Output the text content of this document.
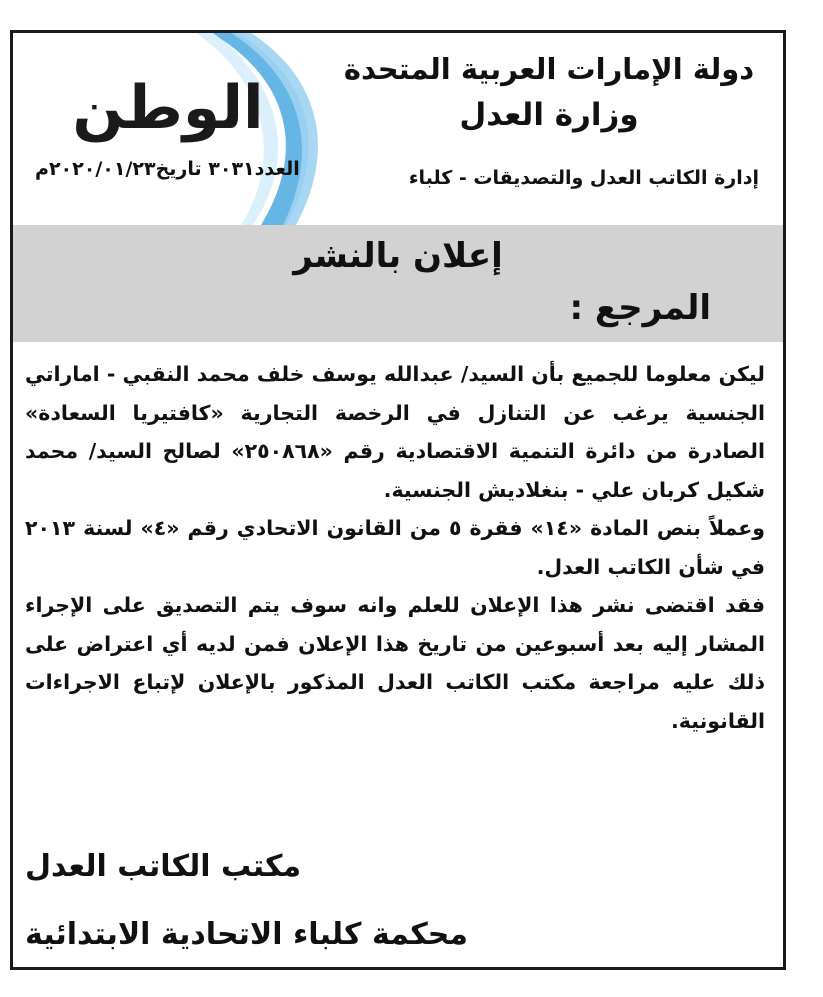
الوطن
العدد٣٠٣١ تاريخ٢٠٢٠/٠١/٢٣م
دولة الإمارات العربية المتحدة
وزارة العدل
إدارة الكاتب العدل والتصديقات - كلباء
إعلان بالنشر
المرجع :

ليكن معلوما للجميع بأن السيد/ عبدالله يوسف خلف محمد النقبي - اماراتي الجنسية يرغب عن التنازل في الرخصة التجارية «كافتيريا السعادة» الصادرة من دائرة التنمية الاقتصادية رقم «٢٥٠٨٦٨» لصالح السيد/ محمد شكيل كربان علي - بنغلاديش الجنسية.

وعملاً بنص المادة «١٤» فقرة ٥ من القانون الاتحادي رقم «٤» لسنة ٢٠١٣ في شأن الكاتب العدل.

فقد اقتضى نشر هذا الإعلان للعلم وانه سوف يتم التصديق على الإجراء المشار إليه بعد أسبوعين من تاريخ هذا الإعلان فمن لديه أي اعتراض على ذلك عليه مراجعة مكتب الكاتب العدل المذكور بالإعلان لإتباع الاجراءات القانونية.

مكتب الكاتب العدل
محكمة كلباء الاتحادية الابتدائية
